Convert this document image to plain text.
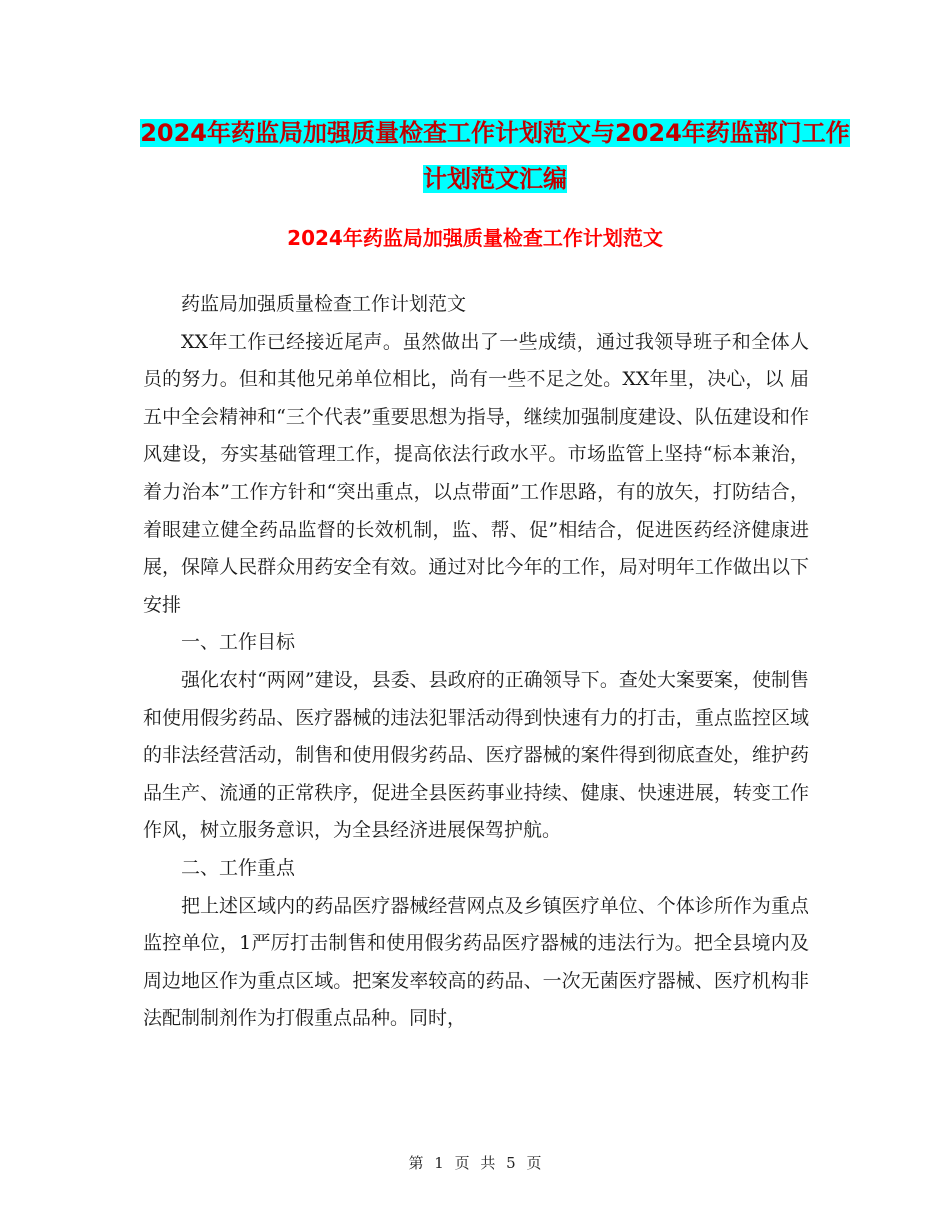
2024年药监局加强质量检查工作计划范文与2024年药监部门工作计划范文汇编
2024年药监局加强质量检查工作计划范文

药监局加强质量检查工作计划范文

XX年工作已经接近尾声。虽然做出了一些成绩，通过我领导班子和全体人员的努力。但和其他兄弟单位相比，尚有一些不足之处。XX年里，决心，以 届五中全会精神和“三个代表”重要思想为指导，继续加强制度建设、队伍建设和作风建设，夯实基础管理工作，提高依法行政水平。市场监管上坚持“标本兼治，着力治本”工作方针和“突出重点，以点带面”工作思路，有的放矢，打防结合，着眼建立健全药品监督的长效机制，监、帮、促”相结合，促进医药经济健康进展，保障人民群众用药安全有效。通过对比今年的工作，局对明年工作做出以下安排

一、工作目标

强化农村“两网”建设，县委、县政府的正确领导下。查处大案要案，使制售和使用假劣药品、医疗器械的违法犯罪活动得到快速有力的打击，重点监控区域的非法经营活动，制售和使用假劣药品、医疗器械的案件得到彻底查处，维护药品生产、流通的正常秩序，促进全县医药事业持续、健康、快速进展，转变工作作风，树立服务意识，为全县经济进展保驾护航。

二、工作重点

把上述区域内的药品医疗器械经营网点及乡镇医疗单位、个体诊所作为重点监控单位，1严厉打击制售和使用假劣药品医疗器械的违法行为。把全县境内及周边地区作为重点区域。把案发率较高的药品、一次无菌医疗器械、医疗机构非法配制制剂作为打假重点品种。同时，

第 1 页 共 5 页
